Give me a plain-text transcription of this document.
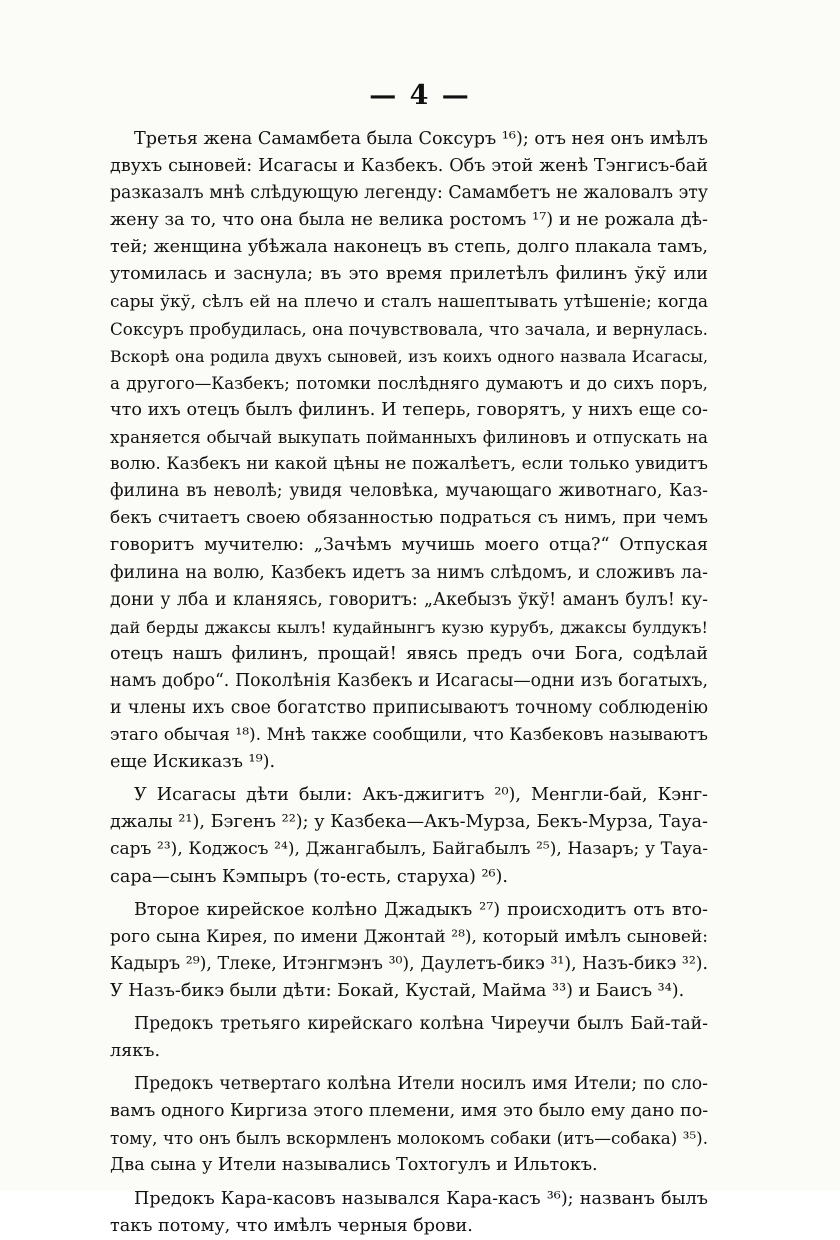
— 4 —
Третья жена Самамбета была Соксуръ ¹⁶); отъ нея онъ имѣлъ
двухъ сыновей: Исагасы и Казбекъ. Объ этой женѣ Тэнгисъ-бай
разказалъ мнѣ слѣдующую легенду: Самамбетъ не жаловалъ эту
жену за то, что она была не велика ростомъ ¹⁷) и не рожала дѣ-
тей; женщина убѣжала наконецъ въ степь, долго плакала тамъ,
утомилась и заснула; въ это время прилетѣлъ филинъ ўкў или
сары ўкў, сѣлъ ей на плечо и сталъ нашептывать утѣшенie; когда
Соксуръ пробудилась, она почувствовала, что зачала, и вернулась.
Вскорѣ она родила двухъ сыновей, изъ коихъ одного назвала Исагасы,
а другого—Казбекъ; потомки послѣдняго думаютъ и до сихъ поръ,
что ихъ отецъ былъ филинъ. И теперь, говорятъ, у нихъ еще со-
храняется обычай выкупать пойманныхъ филиновъ и отпускать на
волю. Казбекъ ни какой цѣны не пожалѣетъ, если только увидитъ
филина въ неволѣ; увидя человѣка, мучающаго животнаго, Каз-
бекъ считаетъ своею обязанностью подраться съ нимъ, при чемъ
говоритъ мучителю: „Зачѣмъ мучишь моего отца?“ Отпуская
филина на волю, Казбекъ идетъ за нимъ слѣдомъ, и сложивъ ла-
дони у лба и кланяясь, говоритъ: „Акебызъ ўкў! аманъ булъ! ку-
дай берды джаксы кылъ! кудайнынгъ кузю курубъ, джаксы булдукъ!
отецъ нашъ филинъ, прощай! явясь предъ очи Бога, содѣлай
намъ добро“. Поколѣнія Казбекъ и Исагасы—одни изъ богатыхъ,
и члены ихъ свое богатство приписываютъ точному соблюденію
этаго обычая ¹⁸). Мнѣ также сообщили, что Казбековъ называютъ
еще Искиказъ ¹⁹).
У Исагасы дѣти были: Акъ-джигитъ ²⁰), Менгли-бай, Кэнг-
джалы ²¹), Бэгенъ ²²); у Казбека—Акъ-Мурза, Бекъ-Мурза, Тауа-
саръ ²³), Коджосъ ²⁴), Джангабылъ, Байгабылъ ²⁵), Назаръ; у Тауа-
сара—сынъ Кэмпыръ (то-есть, старуха) ²⁶).
Второе кирейское колѣно Джадыкъ ²⁷) происходитъ отъ вто-
рого сына Кирея, по имени Джонтай ²⁸), который имѣлъ сыновей:
Кадыръ ²⁹), Тлеке, Итэнгмэнъ ³⁰), Даулетъ-бикэ ³¹), Назъ-бикэ ³²).
У Назъ-бикэ были дѣти: Бокай, Кустай, Майма ³³) и Баисъ ³⁴).
Предокъ третьяго кирейскаго колѣна Чиреучи былъ Бай-тай-
лякъ.
Предокъ четвертаго колѣна Ители носилъ имя Ители; по сло-
вамъ одного Киргиза этого племени, имя это было ему дано по-
тому, что онъ былъ вскормленъ молокомъ собаки (итъ—собака) ³⁵).
Два сына у Ители назывались Тохтогулъ и Ильтокъ.
Предокъ Кара-касовъ назывался Кара-касъ ³⁶); названъ былъ
такъ потому, что имѣлъ черныя брови.
